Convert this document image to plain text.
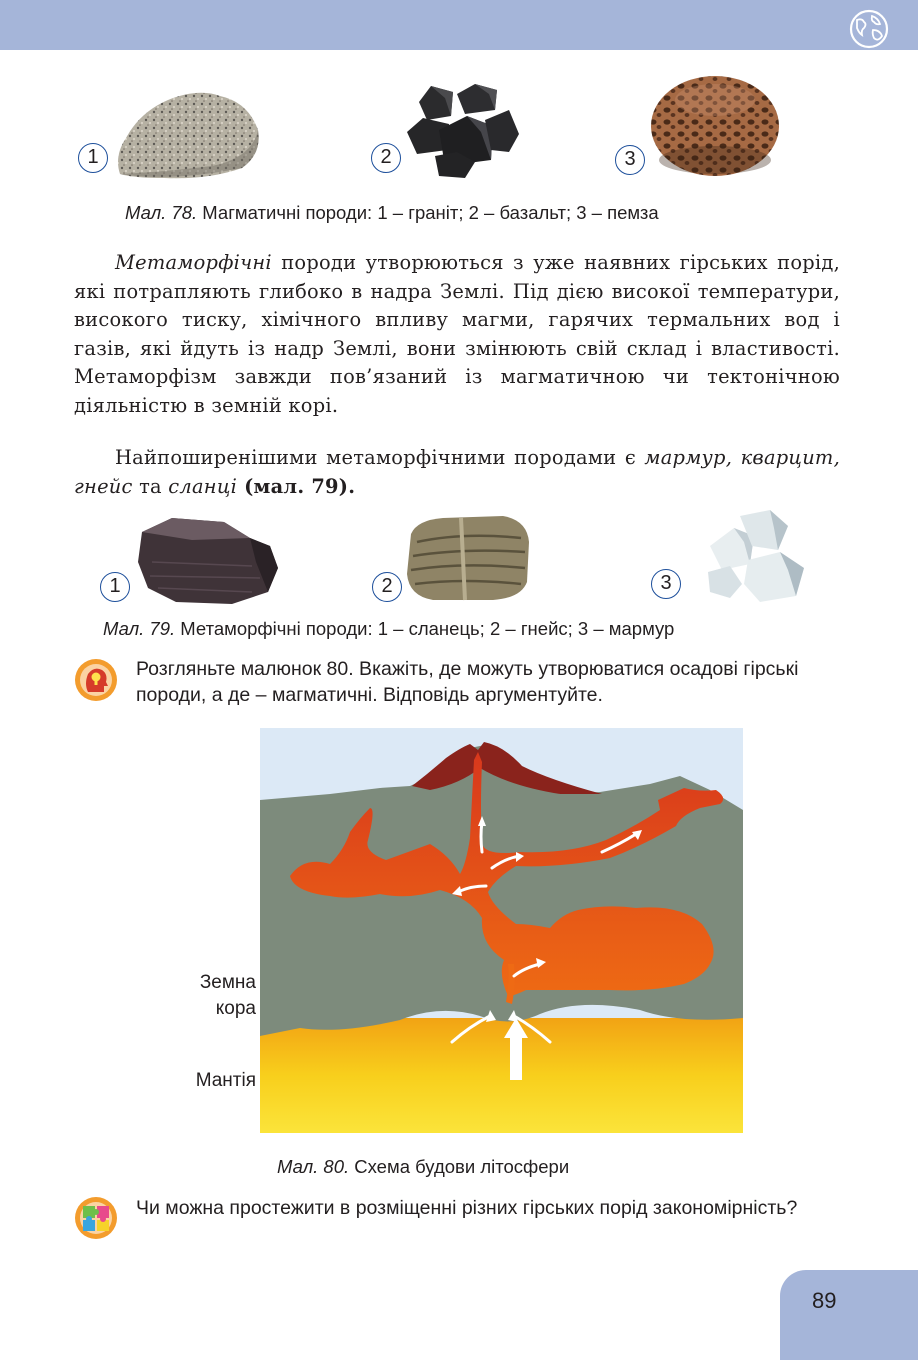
1	2	3
Мал. 78. Магматичні породи: 1 – граніт; 2 – базальт; 3 – пемза

Метаморфічні породи утворюються з уже наявних гірських порід, які потрапляють глибоко в надра Землі. Під дією високої температури, високого тиску, хімічного впливу магми, гарячих термальних вод і газів, які йдуть із надр Землі, вони змінюють свій склад і властивості. Метаморфізм завжди пов’язаний із магматичною чи тектонічною діяльністю в земній корі.

Найпоширенішими метаморфічними породами є мармур, кварцит, гнейс та сланці (мал. 79).

1	2	3
Мал. 79. Метаморфічні породи: 1 – сланець; 2 – гнейс; 3 – мармур
Розгляньте малюнок 80. Вкажіть, де можуть утворюватися осадові гірські породи, а де – магматичні. Відповідь аргументуйте.
Земна кора
Мантія
Мал. 80. Схема будови літосфери
Чи можна простежити в розміщенні різних гірських порід закономірність?
89
